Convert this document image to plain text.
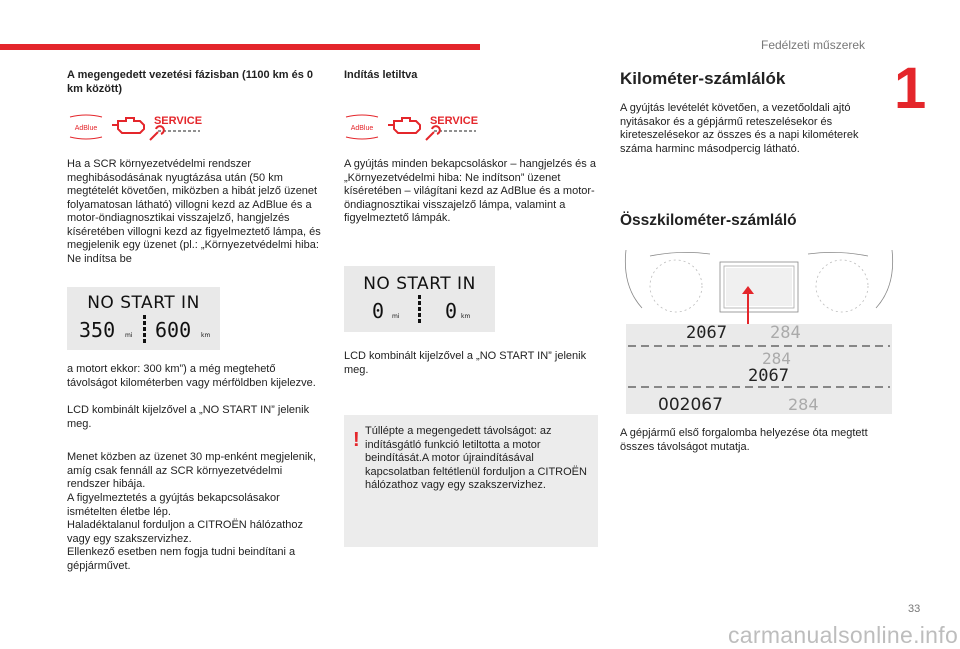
Fedélzeti műszerek
1
A megengedett vezetési fázisban (1100 km és 0 km között)
AdBlue
SERVICE
Ha a SCR környezetvédelmi rendszer meghibásodásának nyugtázása után (50 km megtételét követően, miközben a hibát jelző üzenet folyamatosan látható) villogni kezd az AdBlue és a motor-öndiagnosztikai visszajelző, hangjelzés kíséretében villogni kezd az figyelmeztető lámpa, és megjelenik egy üzenet (pl.: „Környezetvédelmi hiba: Ne indítsa be
NO START IN
350 mi 600 km
a motort ekkor: 300 km”) a még megtehető távolságot kilométerben vagy mérföldben kijelezve.
LCD kombinált kijelzővel a „NO START IN” jelenik meg.
Menet közben az üzenet 30 mp-enként megjelenik, amíg csak fennáll az SCR környezetvédelmi rendszer hibája.
A figyelmeztetés a gyújtás bekapcsolásakor ismételten életbe lép.
Haladéktalanul forduljon a CITROËN hálózathoz vagy egy szakszervizhez.
Ellenkező esetben nem fogja tudni beindítani a gépjárművet.
Indítás letiltva
AdBlue
SERVICE
A gyújtás minden bekapcsoláskor – hangjelzés és a „Környezetvédelmi hiba: Ne indítson” üzenet kíséretében – világítani kezd az AdBlue és a motor-öndiagnosztikai visszajelző lámpa, valamint a figyelmeztető lámpák.
NO START IN
0 mi 0 km
LCD kombinált kijelzővel a „NO START IN” jelenik meg.
! Túllépte a megengedett távolságot: az indításgátló funkció letiltotta a motor beindítását.A motor újraindításával kapcsolatban feltétlenül forduljon a CITROËN hálózathoz vagy egy szakszervizhez.
Kilométer-számlálók
A gyújtás levételét követően, a vezetőoldali ajtó nyitásakor és a gépjármű reteszelésekor és kireteszelésekor az összes és a napi kilométerek száma harminc másodpercig látható.
Összkilométer-számláló
2067	284
284
2067
002067	284
A gépjármű első forgalomba helyezése óta megtett összes távolságot mutatja.
33
carmanualsonline.info
